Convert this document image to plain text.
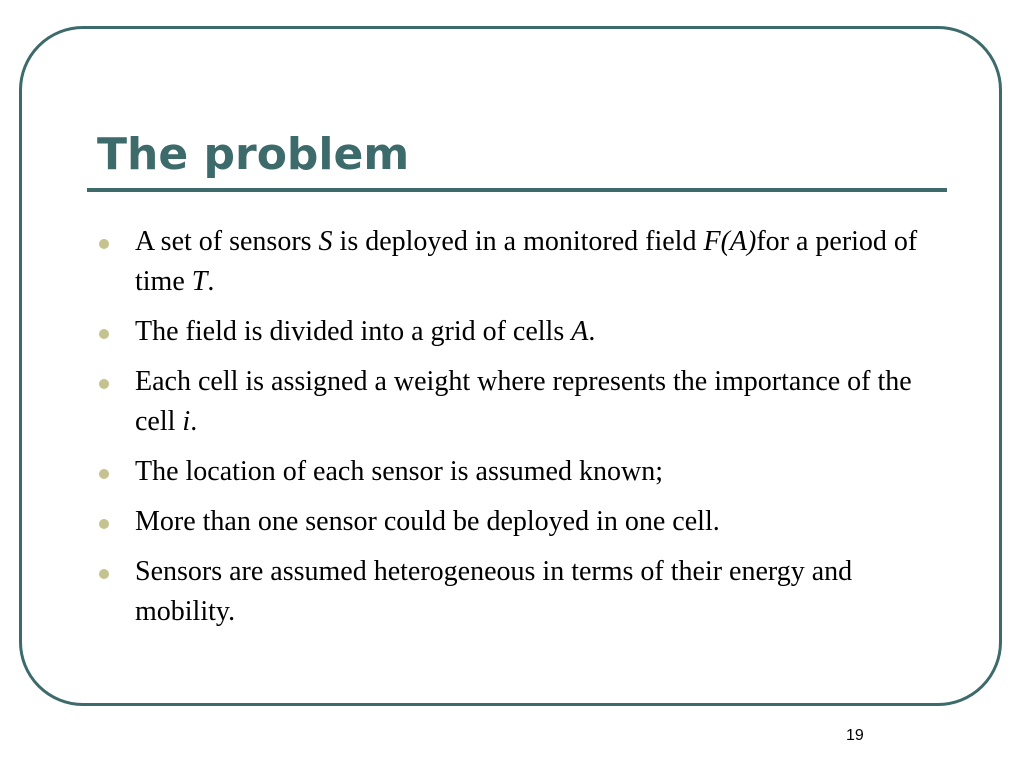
The problem
A set of sensors S is deployed in a monitored field F(A)for a period of time T.
The field is divided into a grid of cells A.
Each cell is assigned a weight where represents the importance of the cell i.
The location of each sensor is assumed known;
More than one sensor could be deployed in one cell.
Sensors are assumed heterogeneous in terms of their energy and mobility.
19
